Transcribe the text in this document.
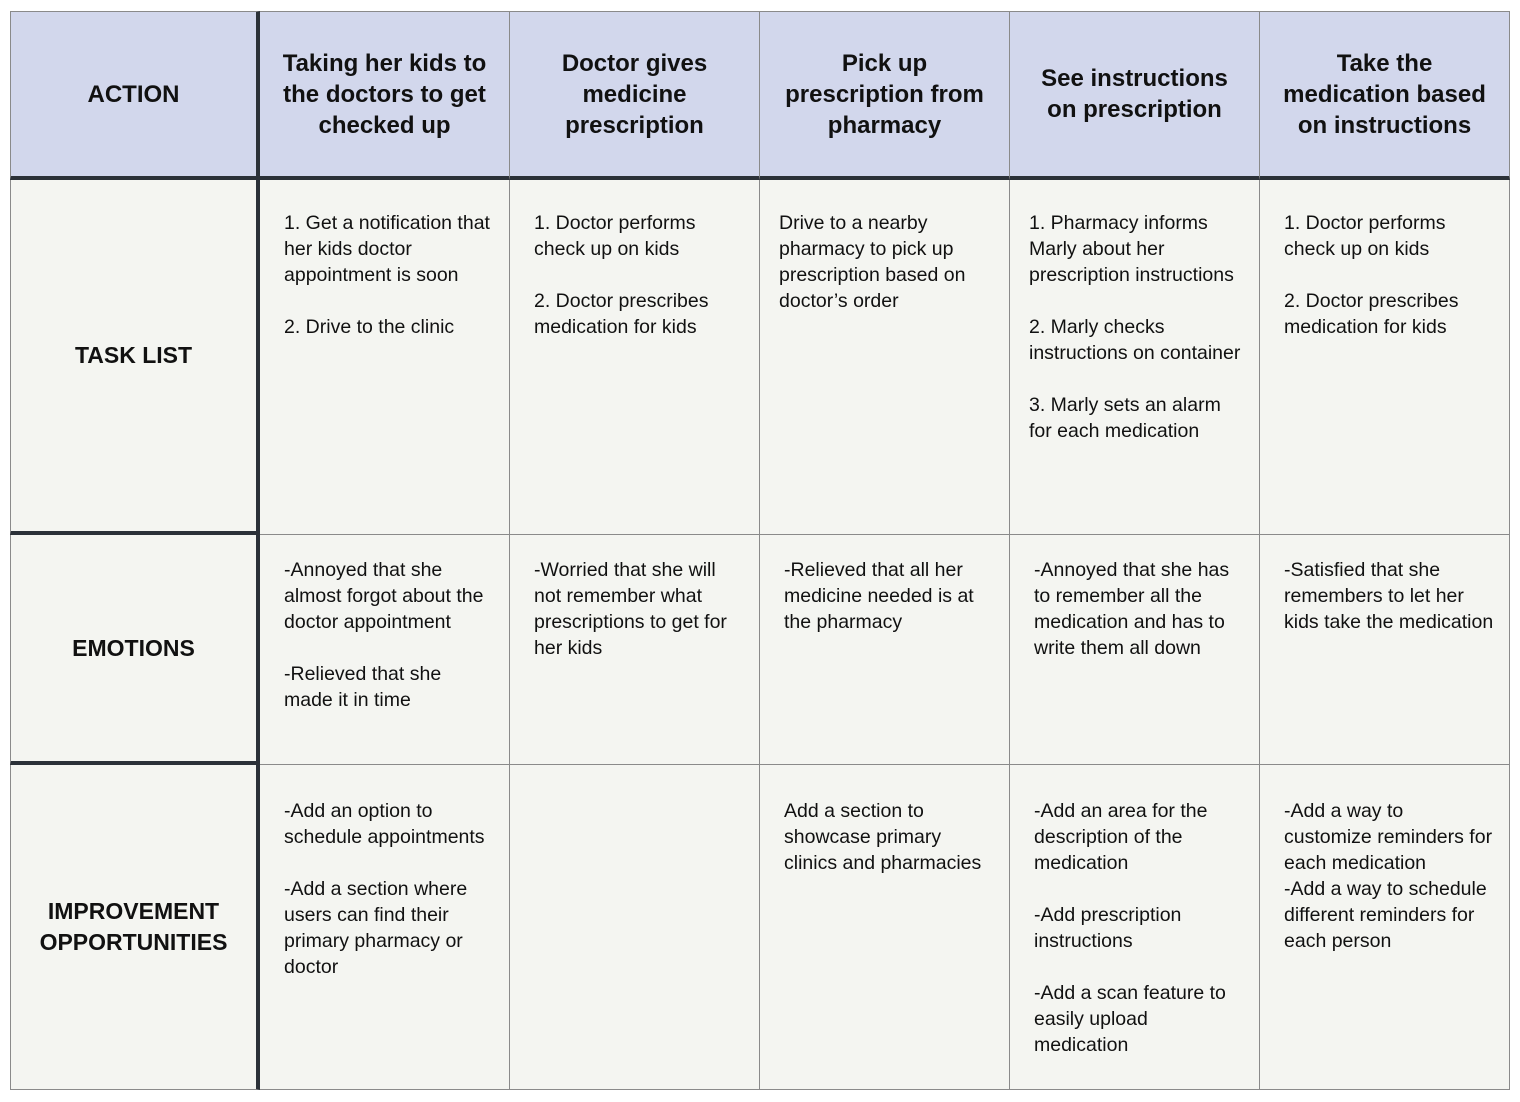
ACTION
Taking her kids to the doctors to get checked up
Doctor gives medicine prescription
Pick up prescription from pharmacy
See instructions on prescription
Take the medication based on instructions
TASK LIST

1. Get a notification that her kids doctor appointment is soon

2. Drive to the clinic

1. Doctor performs check up on kids

2. Doctor prescribes medication for kids

Drive to a nearby pharmacy to pick up prescription based on doctor’s order

1. Pharmacy informs Marly about her prescription instructions

2. Marly checks instructions on container

3. Marly sets an alarm for each medication

1. Doctor performs check up on kids

2. Doctor prescribes medication for kids

EMOTIONS

-Annoyed that she almost forgot about the doctor appointment

-Relieved that she made it in time

-Worried that she will not remember what prescriptions to get for her kids

-Relieved that all her medicine needed is at the pharmacy

-Annoyed that she has to remember all the medication and has to write them all down

-Satisfied that she remembers to let her kids take the medication

IMPROVEMENT OPPORTUNITIES

-Add an option to schedule appointments

-Add a section where users can find their primary pharmacy or doctor

Add a section to showcase primary clinics and pharmacies

-Add an area for the description of the medication

-Add prescription instructions

-Add a scan feature to easily upload medication

-Add a way to customize reminders for each medication
-Add a way to schedule different reminders for each person
